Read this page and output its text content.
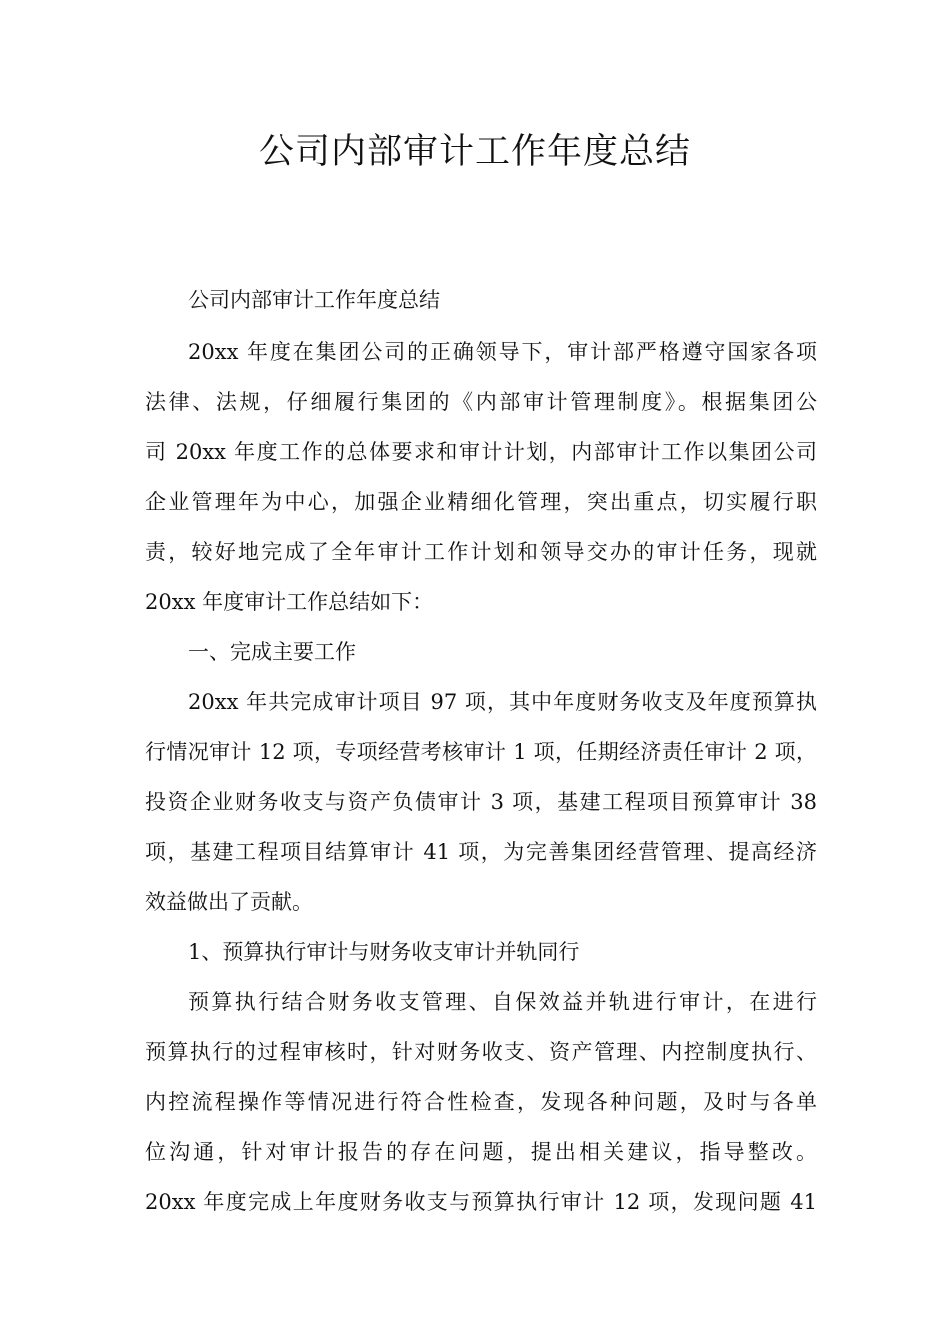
公司内部审计工作年度总结
公司内部审计工作年度总结
20xx 年度在集团公司的正确领导下，审计部严格遵守国家各项
法律、法规，仔细履行集团的《内部审计管理制度》。根据集团公
司 20xx 年度工作的总体要求和审计计划，内部审计工作以集团公司
企业管理年为中心，加强企业精细化管理，突出重点，切实履行职
责，较好地完成了全年审计工作计划和领导交办的审计任务，现就
20xx 年度审计工作总结如下：
一、完成主要工作
20xx 年共完成审计项目 97 项，其中年度财务收支及年度预算执
行情况审计 12 项，专项经营考核审计 1 项，任期经济责任审计 2 项，
投资企业财务收支与资产负债审计 3 项，基建工程项目预算审计 38
项，基建工程项目结算审计 41 项，为完善集团经营管理、提高经济
效益做出了贡献。
1、预算执行审计与财务收支审计并轨同行
预算执行结合财务收支管理、自保效益并轨进行审计，在进行
预算执行的过程审核时，针对财务收支、资产管理、内控制度执行、
内控流程操作等情况进行符合性检查，发现各种问题，及时与各单
位沟通，针对审计报告的存在问题，提出相关建议，指导整改。
20xx 年度完成上年度财务收支与预算执行审计 12 项，发现问题 41
